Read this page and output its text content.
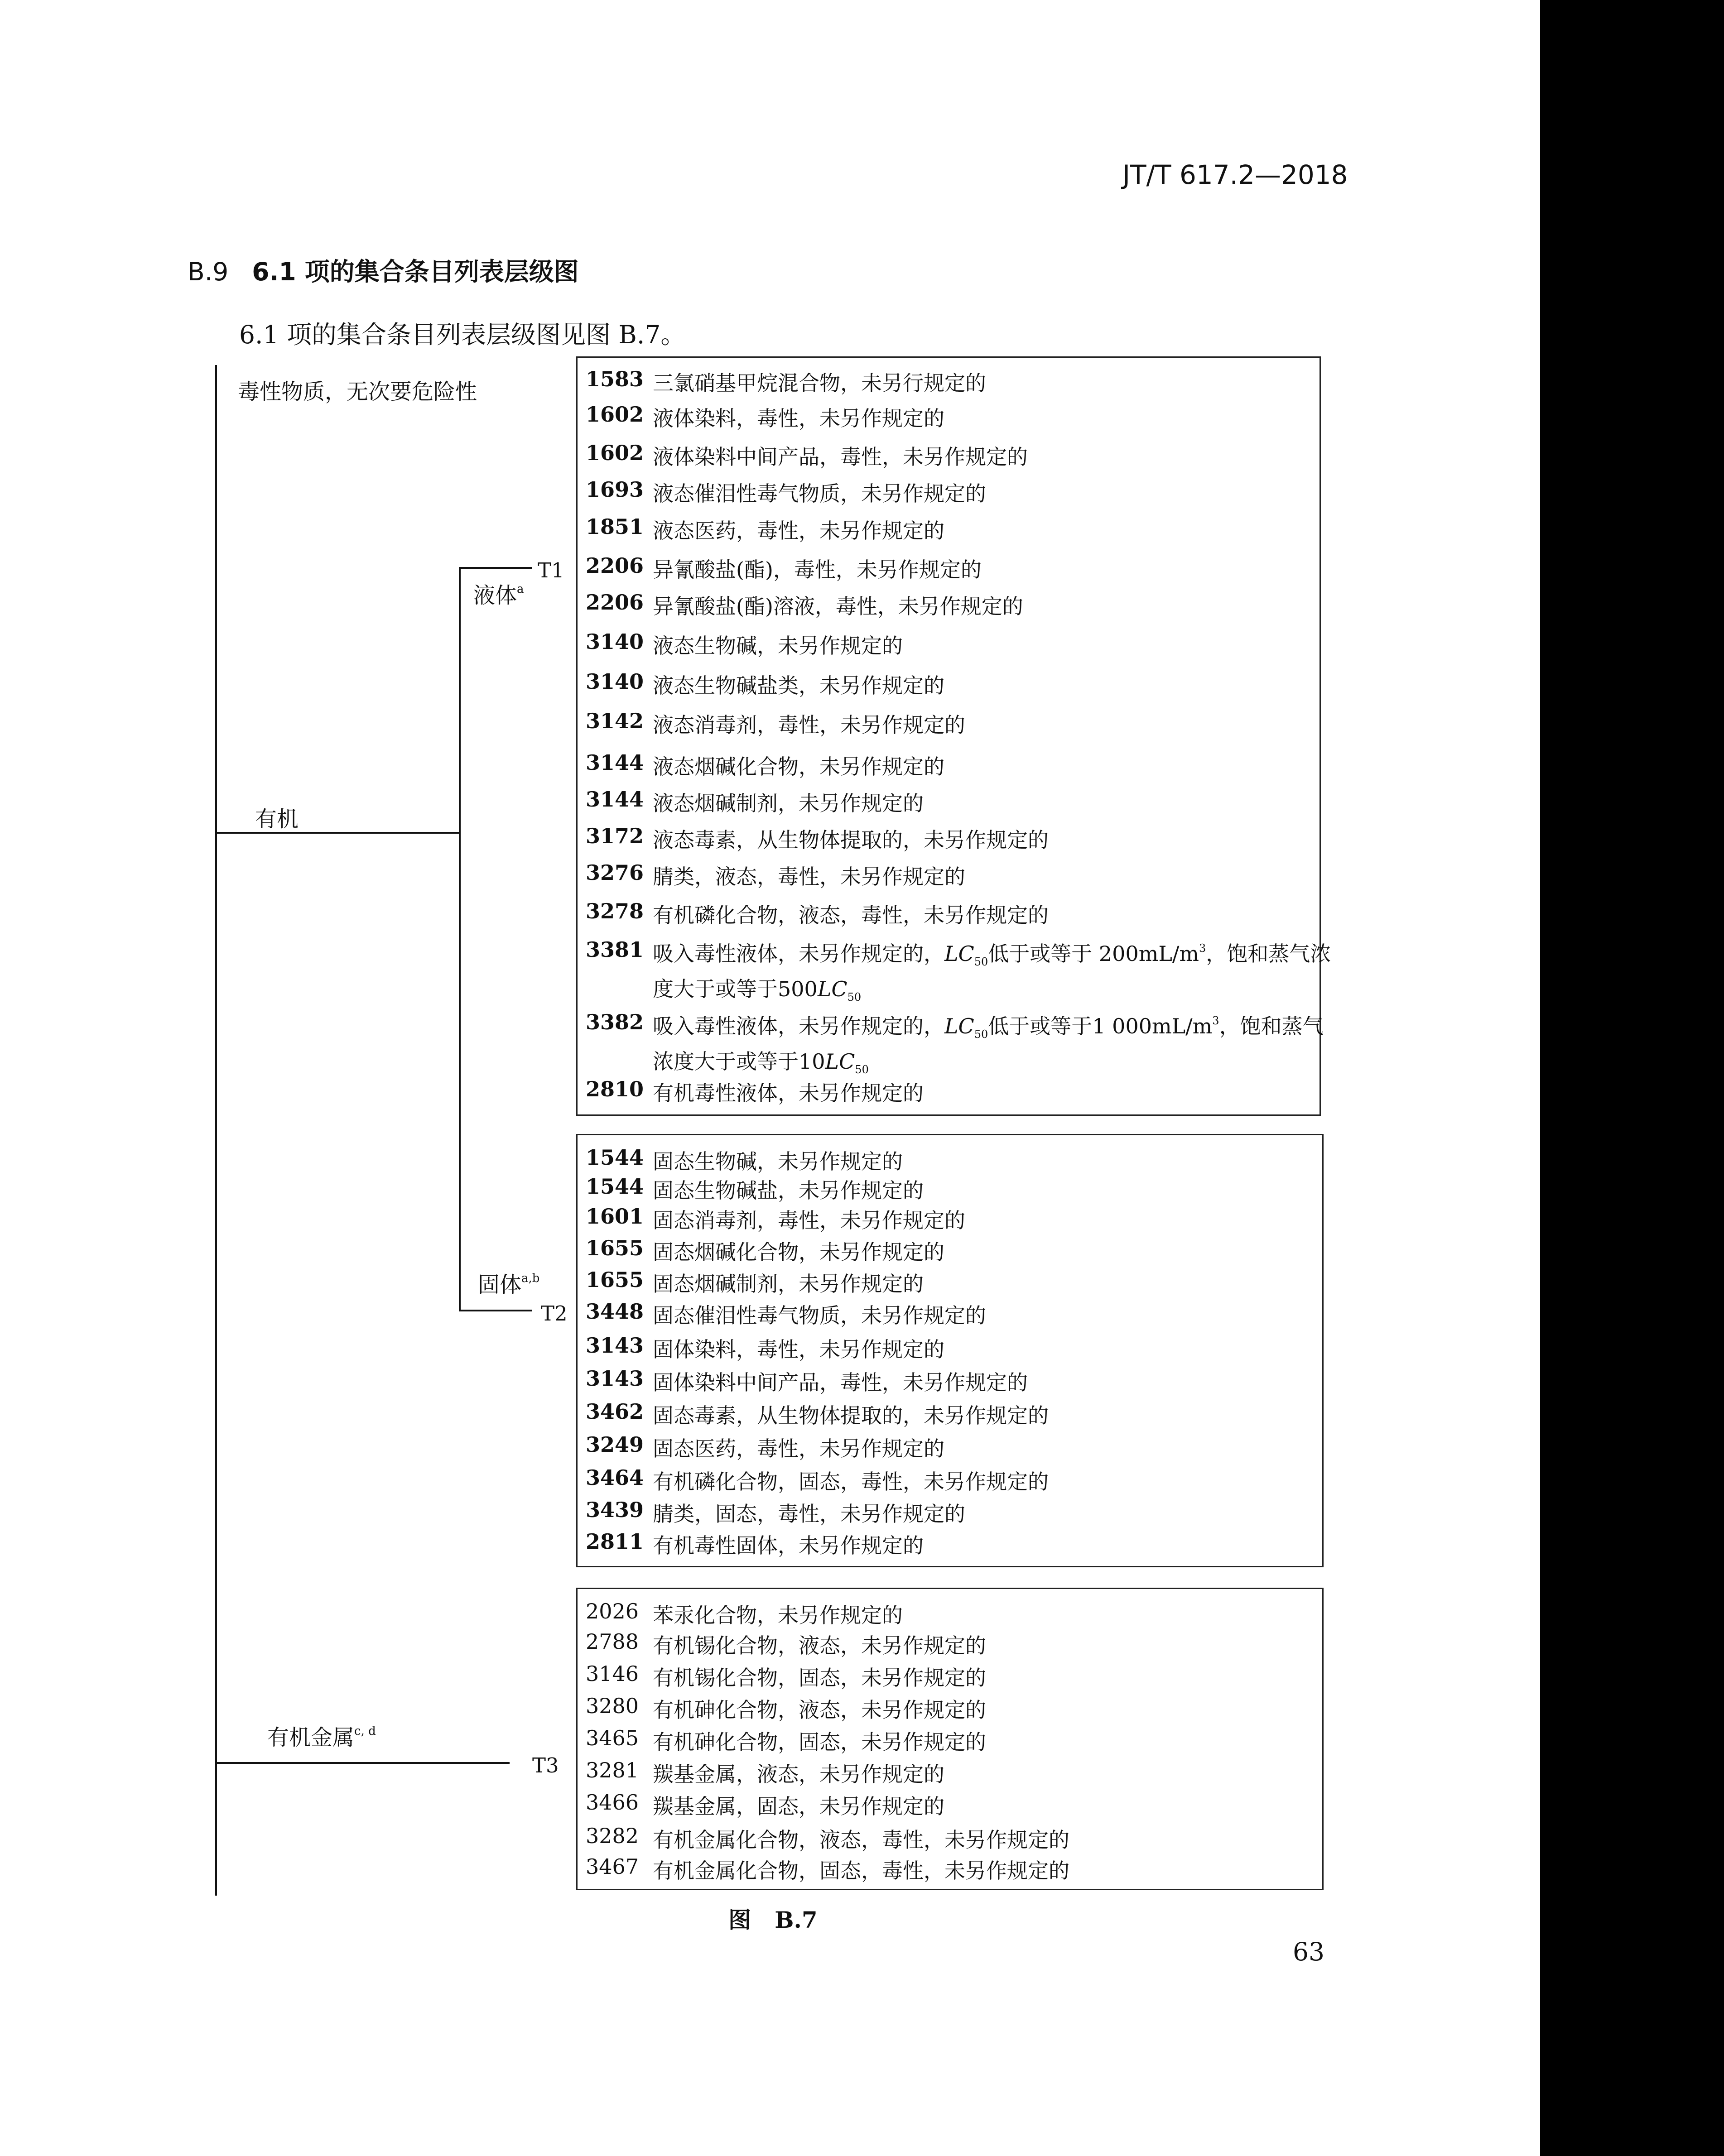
JT/T 617.2—2018
B.9 6.1 项的集合条目列表层级图
6.1 项的集合条目列表层级图见图 B.7。
毒性物质，无次要危险性
有机
液体$^a$
固体$^{a,b}$
有机金属$^{c, d}$
T1
T2
T3
1583 三氯硝基甲烷混合物，未另行规定的
1602 液体染料，毒性，未另作规定的
1602 液体染料中间产品，毒性，未另作规定的
1693 液态催泪性毒气物质，未另作规定的
1851 液态医药，毒性，未另作规定的
2206 异氰酸盐(酯)，毒性，未另作规定的
2206 异氰酸盐(酯)溶液，毒性，未另作规定的
3140 液态生物碱，未另作规定的
3140 液态生物碱盐类，未另作规定的
3142 液态消毒剂，毒性，未另作规定的
3144 液态烟碱化合物，未另作规定的
3144 液态烟碱制剂，未另作规定的
3172 液态毒素，从生物体提取的，未另作规定的
3276 腈类，液态，毒性，未另作规定的
3278 有机磷化合物，液态，毒性，未另作规定的
3381 吸入毒性液体，未另作规定的，$LC_{50}$低于或等于 $200mL/m^3$，饱和蒸气浓
度大于或等于$500LC_{50}$
3382 吸入毒性液体，未另作规定的，$LC_{50}$低于或等于1 $000mL/m^3$，饱和蒸气
浓度大于或等于$10LC_{50}$
2810 有机毒性液体，未另作规定的
1544 固态生物碱，未另作规定的
1544 固态生物碱盐，未另作规定的
1601 固态消毒剂，毒性，未另作规定的
1655 固态烟碱化合物，未另作规定的
1655 固态烟碱制剂，未另作规定的
3448 固态催泪性毒气物质，未另作规定的
3143 固体染料，毒性，未另作规定的
3143 固体染料中间产品，毒性，未另作规定的
3462 固态毒素，从生物体提取的，未另作规定的
3249 固态医药，毒性，未另作规定的
3464 有机磷化合物，固态，毒性，未另作规定的
3439 腈类，固态，毒性，未另作规定的
2811 有机毒性固体，未另作规定的
2026 苯汞化合物，未另作规定的
2788 有机锡化合物，液态，未另作规定的
3146 有机锡化合物，固态，未另作规定的
3280 有机砷化合物，液态，未另作规定的
3465 有机砷化合物，固态，未另作规定的
3281 羰基金属，液态，未另作规定的
3466 羰基金属，固态，未另作规定的
3282 有机金属化合物，液态，毒性，未另作规定的
3467 有机金属化合物，固态，毒性，未另作规定的
图   B.7
63
